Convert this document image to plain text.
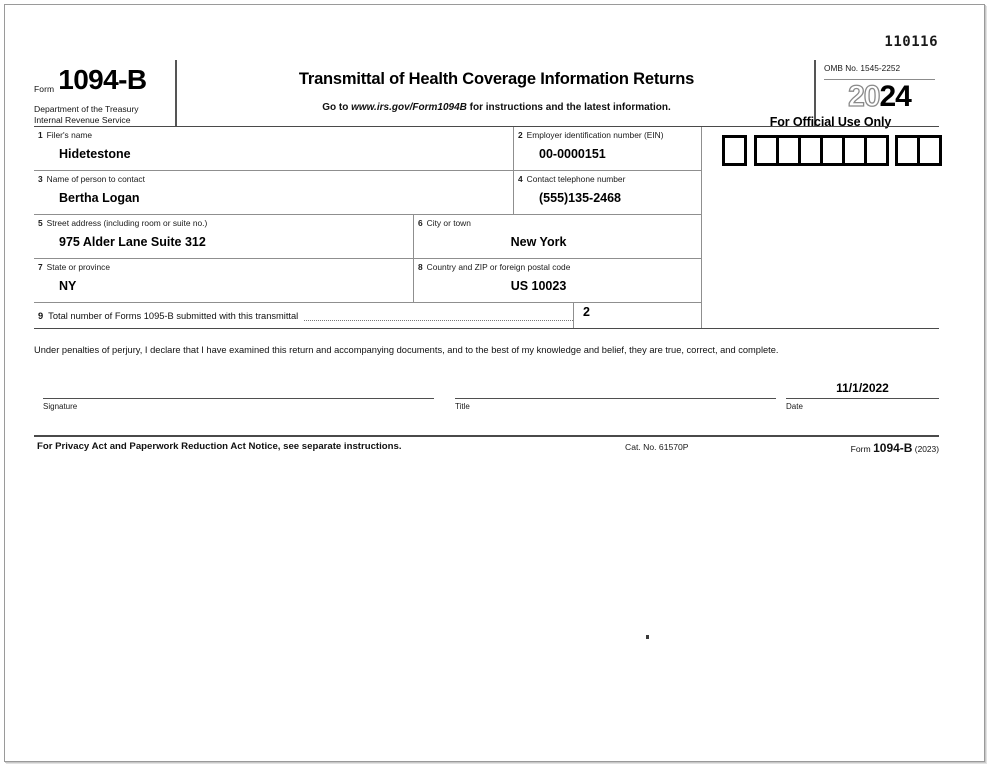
110116
Form 1094-B
Department of the Treasury
Internal Revenue Service
Transmittal of Health Coverage Information Returns
Go to www.irs.gov/Form1094B for instructions and the latest information.
OMB No. 1545-2252
2024
For Official Use Only
1 Filer's name
Hidetestone
2 Employer identification number (EIN)
00-0000151
3 Name of person to contact
Bertha Logan
4 Contact telephone number
(555)135-2468
5 Street address (including room or suite no.)
975 Alder Lane Suite 312
6 City or town
New York
7 State or province
NY
8 Country and ZIP or foreign postal code
US 10023
9 Total number of Forms 1095-B submitted with this transmittal	2
Under penalties of perjury, I declare that I have examined this return and accompanying documents, and to the best of my knowledge and belief, they are true, correct, and complete.
Signature	Title
11/1/2022
Date
For Privacy Act and Paperwork Reduction Act Notice, see separate instructions.	Cat. No. 61570P	Form 1094-B (2023)
